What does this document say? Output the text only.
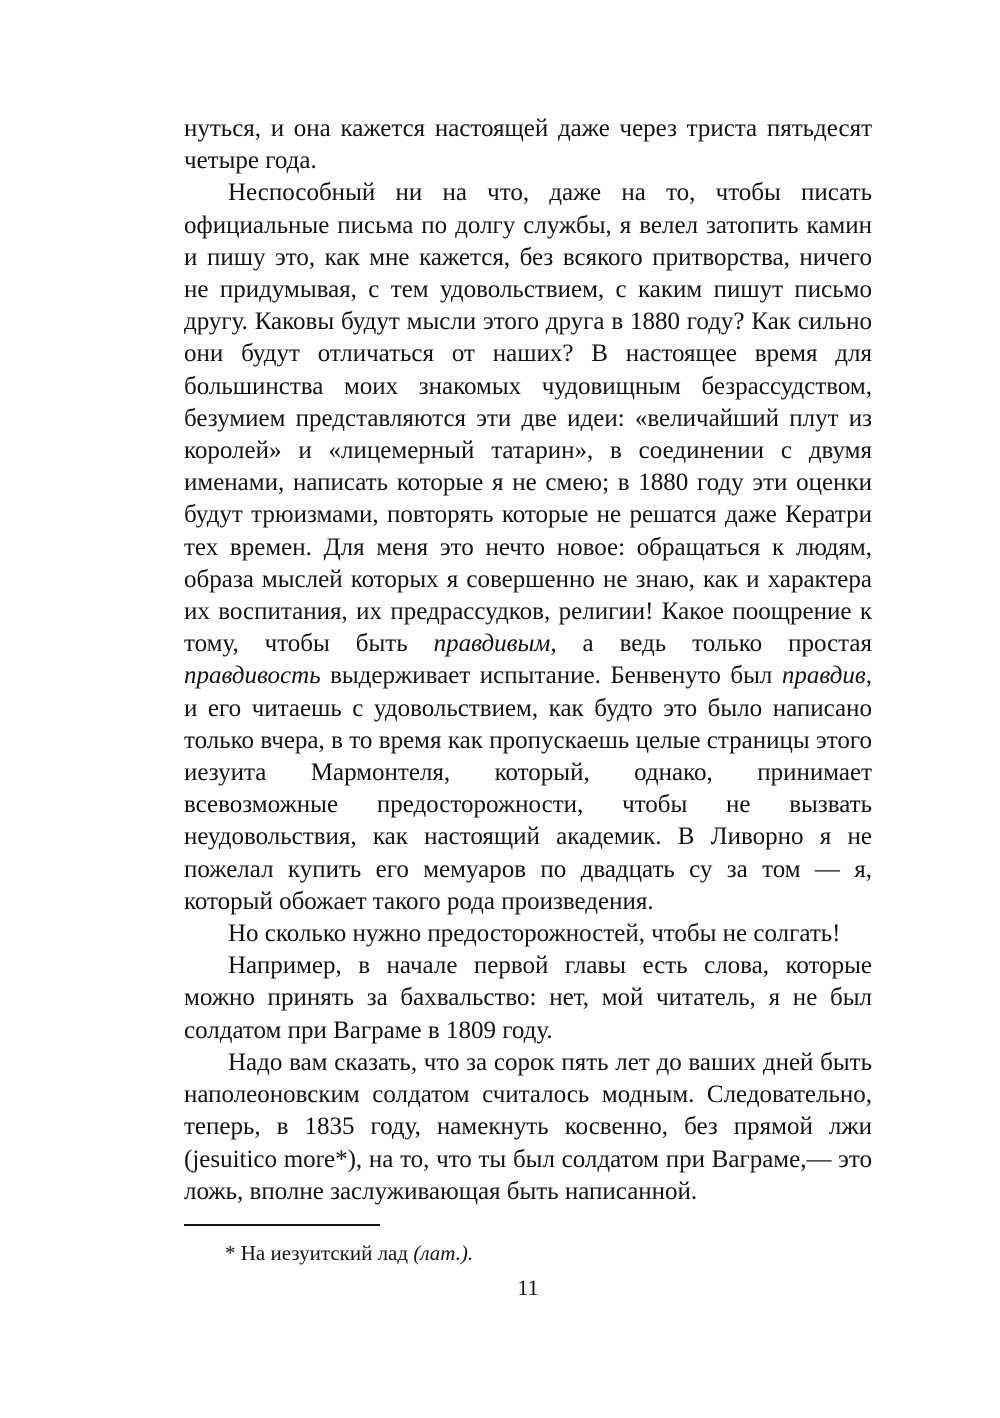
нуться, и она кажется настоящей даже через триста пятьдесят четыре года.

Неспособный ни на что, даже на то, чтобы писать официальные письма по долгу службы, я велел затопить камин и пишу это, как мне кажется, без всякого притворства, ничего не придумывая, с тем удовольствием, с каким пишут письмо другу. Каковы будут мысли этого друга в 1880 году? Как сильно они будут отличаться от наших? В настоящее время для большинства моих знакомых чудовищным безрассудством, безумием представляются эти две идеи: «величайший плут из королей» и «лицемерный татарин», в соединении с двумя именами, написать которые я не смею; в 1880 году эти оценки будут трюизмами, повторять которые не решатся даже Кератри тех времен. Для меня это нечто новое: обращаться к людям, образа мыслей которых я совершенно не знаю, как и характера их воспитания, их предрассудков, религии! Какое поощрение к тому, чтобы быть правдивым, а ведь только простая правдивость выдерживает испытание. Бенвенуто был правдив, и его читаешь с удовольствием, как будто это было написано только вчера, в то время как пропускаешь целые страницы этого иезуита Мармонтеля, который, однако, принимает всевозможные предосторожности, чтобы не вызвать неудовольствия, как настоящий академик. В Ливорно я не пожелал купить его мемуаров по двадцать су за том — я, который обожает такого рода произведения.

Но сколько нужно предосторожностей, чтобы не солгать!

Например, в начале первой главы есть слова, которые можно принять за бахвальство: нет, мой читатель, я не был солдатом при Ваграме в 1809 году.

Надо вам сказать, что за сорок пять лет до ваших дней быть наполеоновским солдатом считалось модным. Следовательно, теперь, в 1835 году, намекнуть косвенно, без прямой лжи (jesuitico more*), на то, что ты был солдатом при Ваграме,— это ложь, вполне заслуживающая быть написанной.

* На иезуитский лад (лат.).
11
